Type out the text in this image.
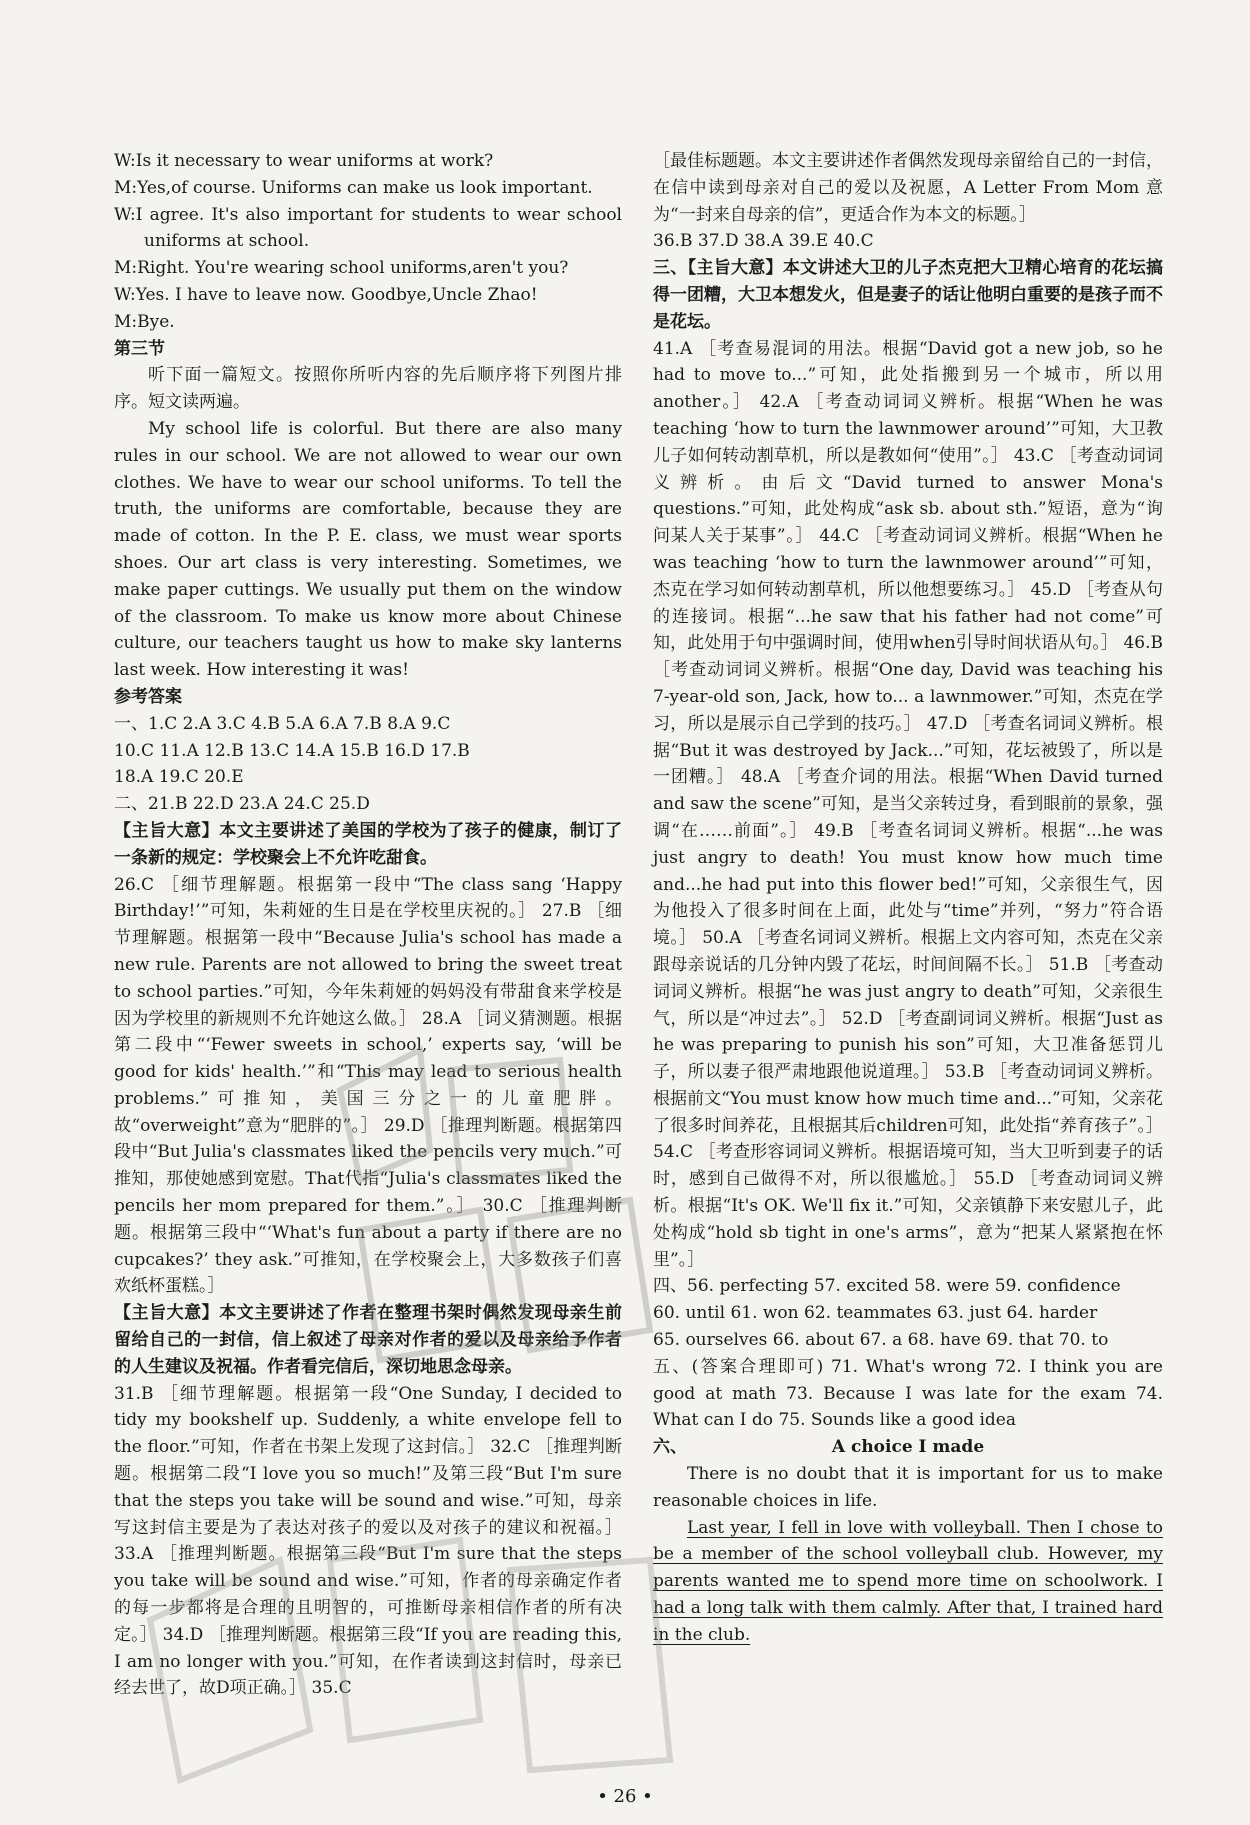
W:Is it necessary to wear uniforms at work?

M:Yes,of course. Uniforms can make us look important.

W:I agree. It's also important for students to wear school uniforms at school.

M:Right. You're wearing school uniforms,aren't you?

W:Yes. I have to leave now. Goodbye,Uncle Zhao!

M:Bye.

第三节

听下面一篇短文。按照你所听内容的先后顺序将下列图片排序。短文读两遍。

My school life is colorful. But there are also many rules in our school. We are not allowed to wear our own clothes. We have to wear our school uniforms. To tell the truth, the uniforms are comfortable, because they are made of cotton. In the P. E. class, we must wear sports shoes. Our art class is very interesting. Sometimes, we make paper cuttings. We usually put them on the window of the classroom. To make us know more about Chinese culture, our teachers taught us how to make sky lanterns last week. How interesting it was!

参考答案

一、1.C 2.A 3.C 4.B 5.A 6.A 7.B 8.A 9.C

10.C 11.A 12.B 13.C 14.A 15.B 16.D 17.B

18.A 19.C 20.E

二、21.B 22.D 23.A 24.C 25.D

【主旨大意】本文主要讲述了美国的学校为了孩子的健康，制订了一条新的规定：学校聚会上不允许吃甜食。

26.C ［细节理解题。根据第一段中“The class sang ‘Happy Birthday!’”可知，朱莉娅的生日是在学校里庆祝的。］ 27.B ［细节理解题。根据第一段中“Because Julia's school has made a new rule. Parents are not allowed to bring the sweet treat to school parties.”可知，今年朱莉娅的妈妈没有带甜食来学校是因为学校里的新规则不允许她这么做。］ 28.A ［词义猜测题。根据第二段中“‘Fewer sweets in school,’ experts say, ‘will be good for kids' health.’”和“This may lead to serious health problems.”可推知，美国三分之一的儿童肥胖。故“overweight”意为“肥胖的”。］ 29.D ［推理判断题。根据第四段中“But Julia's classmates liked the pencils very much.”可推知，那使她感到宽慰。That代指“Julia's classmates liked the pencils her mom prepared for them.”。］ 30.C ［推理判断题。根据第三段中“‘What's fun about a party if there are no cupcakes?’ they ask.”可推知，在学校聚会上，大多数孩子们喜欢纸杯蛋糕。］

【主旨大意】本文主要讲述了作者在整理书架时偶然发现母亲生前留给自己的一封信，信上叙述了母亲对作者的爱以及母亲给予作者的人生建议及祝福。作者看完信后，深切地思念母亲。

31.B ［细节理解题。根据第一段“One Sunday, I decided to tidy my bookshelf up. Suddenly, a white envelope fell to the floor.”可知，作者在书架上发现了这封信。］ 32.C ［推理判断题。根据第二段“I love you so much!”及第三段“But I'm sure that the steps you take will be sound and wise.”可知，母亲写这封信主要是为了表达对孩子的爱以及对孩子的建议和祝福。］ 33.A ［推理判断题。根据第三段“But I'm sure that the steps you take will be sound and wise.”可知，作者的母亲确定作者的每一步都将是合理的且明智的，可推断母亲相信作者的所有决定。］ 34.D ［推理判断题。根据第三段“If you are reading this, I am no longer with you.”可知，在作者读到这封信时，母亲已经去世了，故D项正确。］ 35.C

［最佳标题题。本文主要讲述作者偶然发现母亲留给自己的一封信，在信中读到母亲对自己的爱以及祝愿，A Letter From Mom 意为“一封来自母亲的信”，更适合作为本文的标题。］

36.B 37.D 38.A 39.E 40.C

三、【主旨大意】本文讲述大卫的儿子杰克把大卫精心培育的花坛搞得一团糟，大卫本想发火，但是妻子的话让他明白重要的是孩子而不是花坛。

41.A ［考查易混词的用法。根据“David got a new job, so he had to move to...”可知，此处指搬到另一个城市，所以用another。］ 42.A ［考查动词词义辨析。根据“When he was teaching ‘how to turn the lawnmower around’”可知，大卫教儿子如何转动割草机，所以是教如何“使用”。］ 43.C ［考查动词词义辨析。由后文“David turned to answer Mona's questions.”可知，此处构成“ask sb. about sth.”短语，意为“询问某人关于某事”。］ 44.C ［考查动词词义辨析。根据“When he was teaching ‘how to turn the lawnmower around’”可知，杰克在学习如何转动割草机，所以他想要练习。］ 45.D ［考查从句的连接词。根据“...he saw that his father had not come”可知，此处用于句中强调时间，使用when引导时间状语从句。］ 46.B ［考查动词词义辨析。根据“One day, David was teaching his 7-year-old son, Jack, how to... a lawnmower.”可知，杰克在学习，所以是展示自己学到的技巧。］ 47.D ［考查名词词义辨析。根据“But it was destroyed by Jack...”可知，花坛被毁了，所以是一团糟。］ 48.A ［考查介词的用法。根据“When David turned and saw the scene”可知，是当父亲转过身，看到眼前的景象，强调“在……前面”。］ 49.B ［考查名词词义辨析。根据“...he was just angry to death! You must know how much time and...he had put into this flower bed!”可知，父亲很生气，因为他投入了很多时间在上面，此处与“time”并列，“努力”符合语境。］ 50.A ［考查名词词义辨析。根据上文内容可知，杰克在父亲跟母亲说话的几分钟内毁了花坛，时间间隔不长。］ 51.B ［考查动词词义辨析。根据“he was just angry to death”可知，父亲很生气，所以是“冲过去”。］ 52.D ［考查副词词义辨析。根据“Just as he was preparing to punish his son”可知，大卫准备惩罚儿子，所以妻子很严肃地跟他说道理。］ 53.B ［考查动词词义辨析。根据前文“You must know how much time and...”可知，父亲花了很多时间养花，且根据其后children可知，此处指“养育孩子”。］ 54.C ［考查形容词词义辨析。根据语境可知，当大卫听到妻子的话时，感到自己做得不对，所以很尴尬。］ 55.D ［考查动词词义辨析。根据“It's OK. We'll fix it.”可知，父亲镇静下来安慰儿子，此处构成“hold sb tight in one's arms”，意为“把某人紧紧抱在怀里”。］

四、56. perfecting 57. excited 58. were 59. confidence

60. until 61. won 62. teammates 63. just 64. harder

65. ourselves 66. about 67. a 68. have 69. that 70. to

五、(答案合理即可) 71. What's wrong 72. I think you are good at math 73. Because I was late for the exam 74. What can I do 75. Sounds like a good idea

六、	A choice I made

There is no doubt that it is important for us to make reasonable choices in life.

Last year, I fell in love with volleyball. Then I chose to be a member of the school volleyball club. However, my parents wanted me to spend more time on schoolwork. I had a long talk with them calmly. After that, I trained hard in the club.

• 26 •
